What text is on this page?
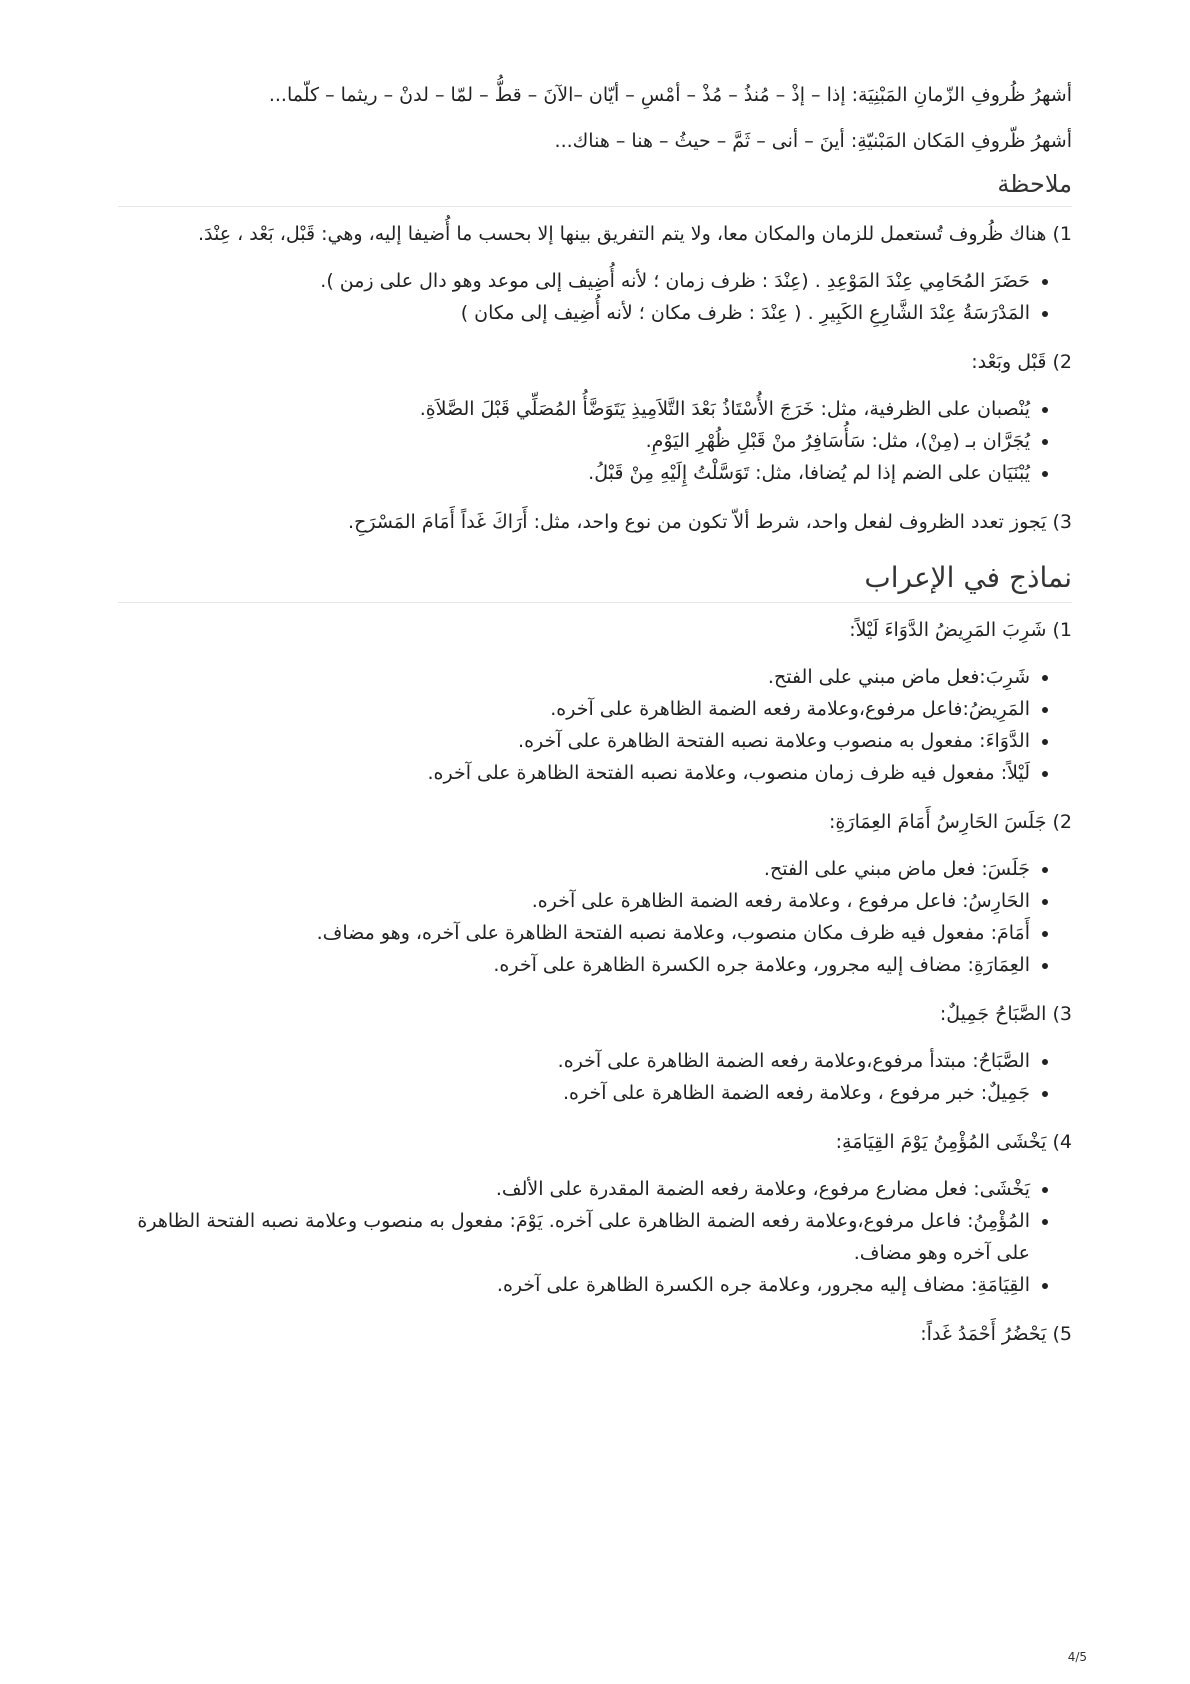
أشهرُ ظُروفِ الزّمانِ المَبْنِيَة: إذا – إذْ – مُنذُ – مُذْ – أمْسِ – أيّان –الآنَ – قطُّ – لمّا – لدنْ – ريثما – كلّما...

أشهرُ ظّروفِ المَكان المَبْنيّةِ: أينَ – أنى – ثَمَّ – حيثُ – هنا – هناك...

ملاحظة

1) هناك ظُروف تُستعمل للزمان والمكان معا، ولا يتم التفريق بينها إلا بحسب ما أُضيفا إليه، وهي: قَبْل، بَعْد ، عِنْدَ.

• حَضَرَ المُحَامِي عِنْدَ المَوْعِدِ . (عِنْدَ : ظرف زمان ؛ لأنه أُضِيف إلى موعد وهو دال على زمن ).
• المَدْرَسَةُ عِنْدَ الشَّارِعِ الكَبِيرِ . ( عِنْدَ : ظرف مكان ؛ لأنه أُضِيف إلى مكان )

2) قَبْل وبَعْد:

• يُنْصبان على الظرفية، مثل: خَرَجَ الأُسْتَاذُ بَعْدَ التَّلاَمِيذِ يَتَوَضَّأُ المُصَلِّي قَبْلَ الصَّلاَةِ.
• يُجَرَّان بـ (مِنْ)، مثل: سَأُسَافِرُ منْ قَبْلِ ظُهْرِ اليَوْمِ.
• يُبْنَيَان على الضم إذا لم يُضافا، مثل: تَوَسَّلْتُ إِلَيْهِ مِنْ قَبْلُ.

3) يَجوز تعدد الظروف لفعل واحد، شرط ألاّ تكون من نوع واحد، مثل: أَرَاكَ غَداً أَمَامَ المَسْرَحِ.

نماذج في الإعراب

1) شَرِبَ المَرِيضُ الدَّوَاءَ لَيْلاً:

• شَرِبَ:فعل ماض مبني على الفتح.
• المَرِيضُ:فاعل مرفوع،وعلامة رفعه الضمة الظاهرة على آخره.
• الدَّوَاءَ: مفعول به منصوب وعلامة نصبه الفتحة الظاهرة على آخره.
• لَيْلاً: مفعول فيه ظرف زمان منصوب، وعلامة نصبه الفتحة الظاهرة على آخره.

2) جَلَسَ الحَارِسُ أَمَامَ العِمَارَةِ:

• جَلَسَ: فعل ماض مبني على الفتح.
• الحَارِسُ: فاعل مرفوع ، وعلامة رفعه الضمة الظاهرة على آخره.
• أَمَامَ: مفعول فيه ظرف مكان منصوب، وعلامة نصبه الفتحة الظاهرة على آخره، وهو مضاف.
• العِمَارَةِ: مضاف إليه مجرور، وعلامة جره الكسرة الظاهرة على آخره.

3) الصَّبَاحُ جَمِيلٌ:

• الصَّبَاحُ: مبتدأ مرفوع،وعلامة رفعه الضمة الظاهرة على آخره.
• جَمِيلٌ: خبر مرفوع ، وعلامة رفعه الضمة الظاهرة على آخره.

4) يَخْشَى المُؤْمِنُ يَوْمَ القِيَامَةِ:

• يَخْشَى: فعل مضارع مرفوع، وعلامة رفعه الضمة المقدرة على الألف.
• المُؤْمِنُ: فاعل مرفوع،وعلامة رفعه الضمة الظاهرة على آخره. يَوْمَ: مفعول به منصوب وعلامة نصبه الفتحة الظاهرة على آخره وهو مضاف.
• القِيَامَةِ: مضاف إليه مجرور، وعلامة جره الكسرة الظاهرة على آخره.

5) يَحْضُرُ أَحْمَدُ غَداً:

4/5
